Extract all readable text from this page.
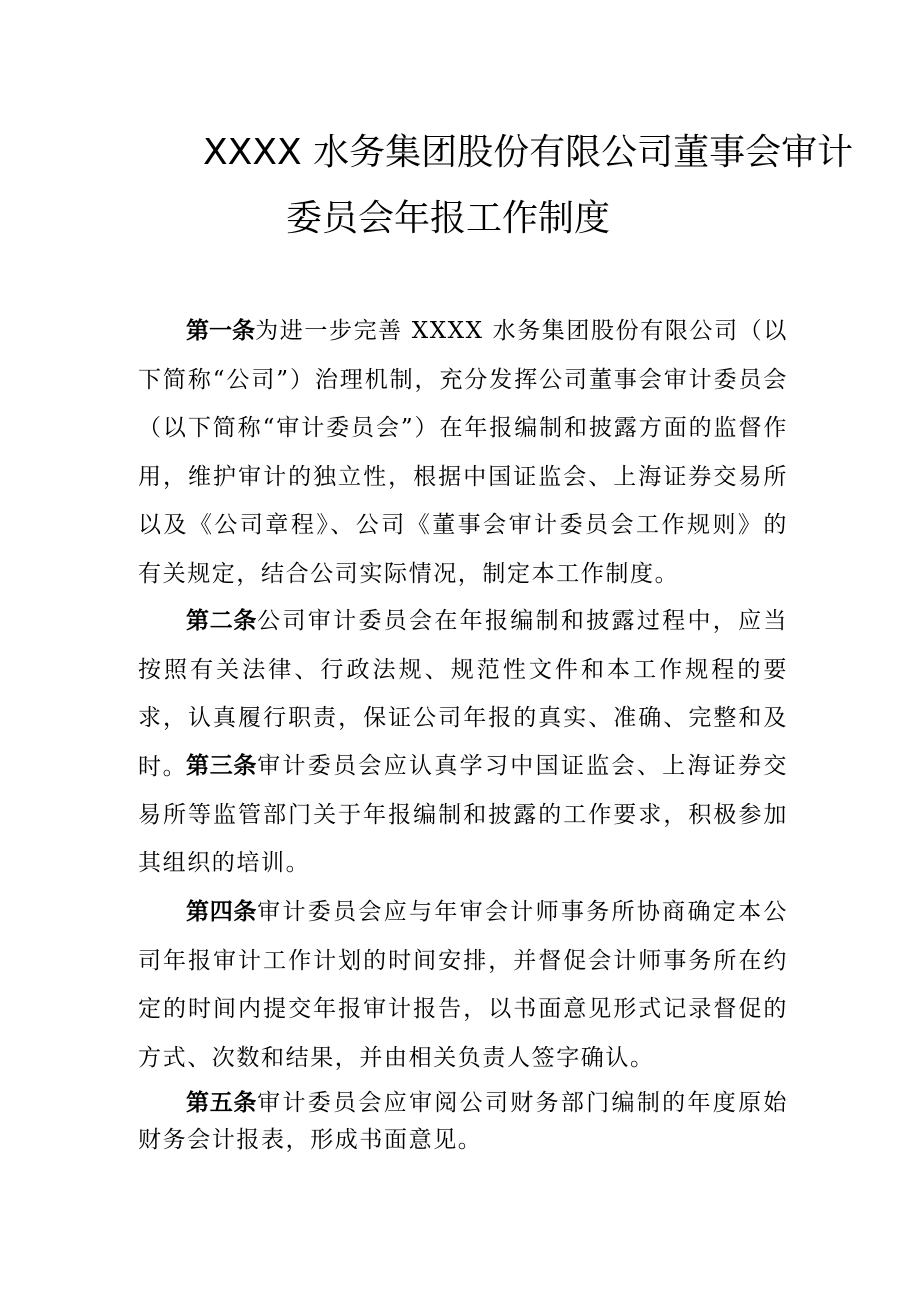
XXXX 水务集团股份有限公司董事会审计
委员会年报工作制度

第一条为进一步完善 XXXX 水务集团股份有限公司（以下简称“公司”）治理机制，充分发挥公司董事会审计委员会（以下简称“审计委员会”）在年报编制和披露方面的监督作用，维护审计的独立性，根据中国证监会、上海证券交易所以及《公司章程》、公司《董事会审计委员会工作规则》的有关规定，结合公司实际情况，制定本工作制度。

第二条公司审计委员会在年报编制和披露过程中，应当按照有关法律、行政法规、规范性文件和本工作规程的要求，认真履行职责，保证公司年报的真实、准确、完整和及时。

第三条审计委员会应认真学习中国证监会、上海证券交易所等监管部门关于年报编制和披露的工作要求，积极参加其组织的培训。

第四条审计委员会应与年审会计师事务所协商确定本公司年报审计工作计划的时间安排，并督促会计师事务所在约定的时间内提交年报审计报告，以书面意见形式记录督促的方式、次数和结果，并由相关负责人签字确认。

第五条审计委员会应审阅公司财务部门编制的年度原始财务会计报表，形成书面意见。
